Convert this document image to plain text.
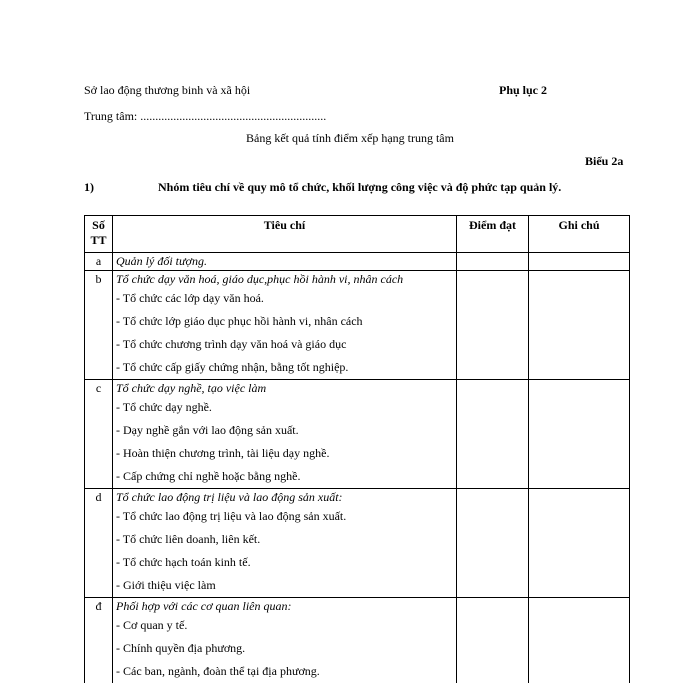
Sở lao động thương binh và xã hội	Phụ lục 2
Trung tâm: ..............................................................
Bảng kết quả tính điểm xếp hạng trung tâm
Biểu 2a
1)	Nhóm tiêu chí về quy mô tổ chức, khối lượng công việc và độ phức tạp quản lý.
Số TT	Tiêu chí	Điểm đạt	Ghi chú
a	Quản lý đối tượng.		
b	Tổ chức dạy văn hoá, giáo dục,phục hồi hành vi, nhân cách		
	- Tổ chức các lớp dạy văn hoá.		
	- Tổ chức lớp giáo dục phục hồi hành vi, nhân cách		
	- Tổ chức chương trình dạy văn hoá và giáo dục		
	- Tổ chức cấp giấy chứng nhận, bằng tốt nghiệp.		
c	Tổ chức dạy nghề, tạo việc làm		
	- Tổ chức dạy nghề.		
	- Dạy nghề gắn với lao động sản xuất.		
	- Hoàn thiện chương trình, tài liệu dạy nghề.		
	- Cấp chứng chỉ nghề hoặc bằng nghề.		
d	Tổ chức lao động trị liệu và lao động sản xuất:		
	- Tổ chức lao động trị liệu và lao động sản xuất.		
	- Tổ chức liên doanh, liên kết.		
	- Tổ chức hạch toán kinh tế.		
	- Giới thiệu việc làm		
đ	Phối hợp với các cơ quan liên quan:		
	- Cơ quan y tế.		
	- Chính quyền địa phương.		
	- Các ban, ngành, đoàn thể tại địa phương.		
